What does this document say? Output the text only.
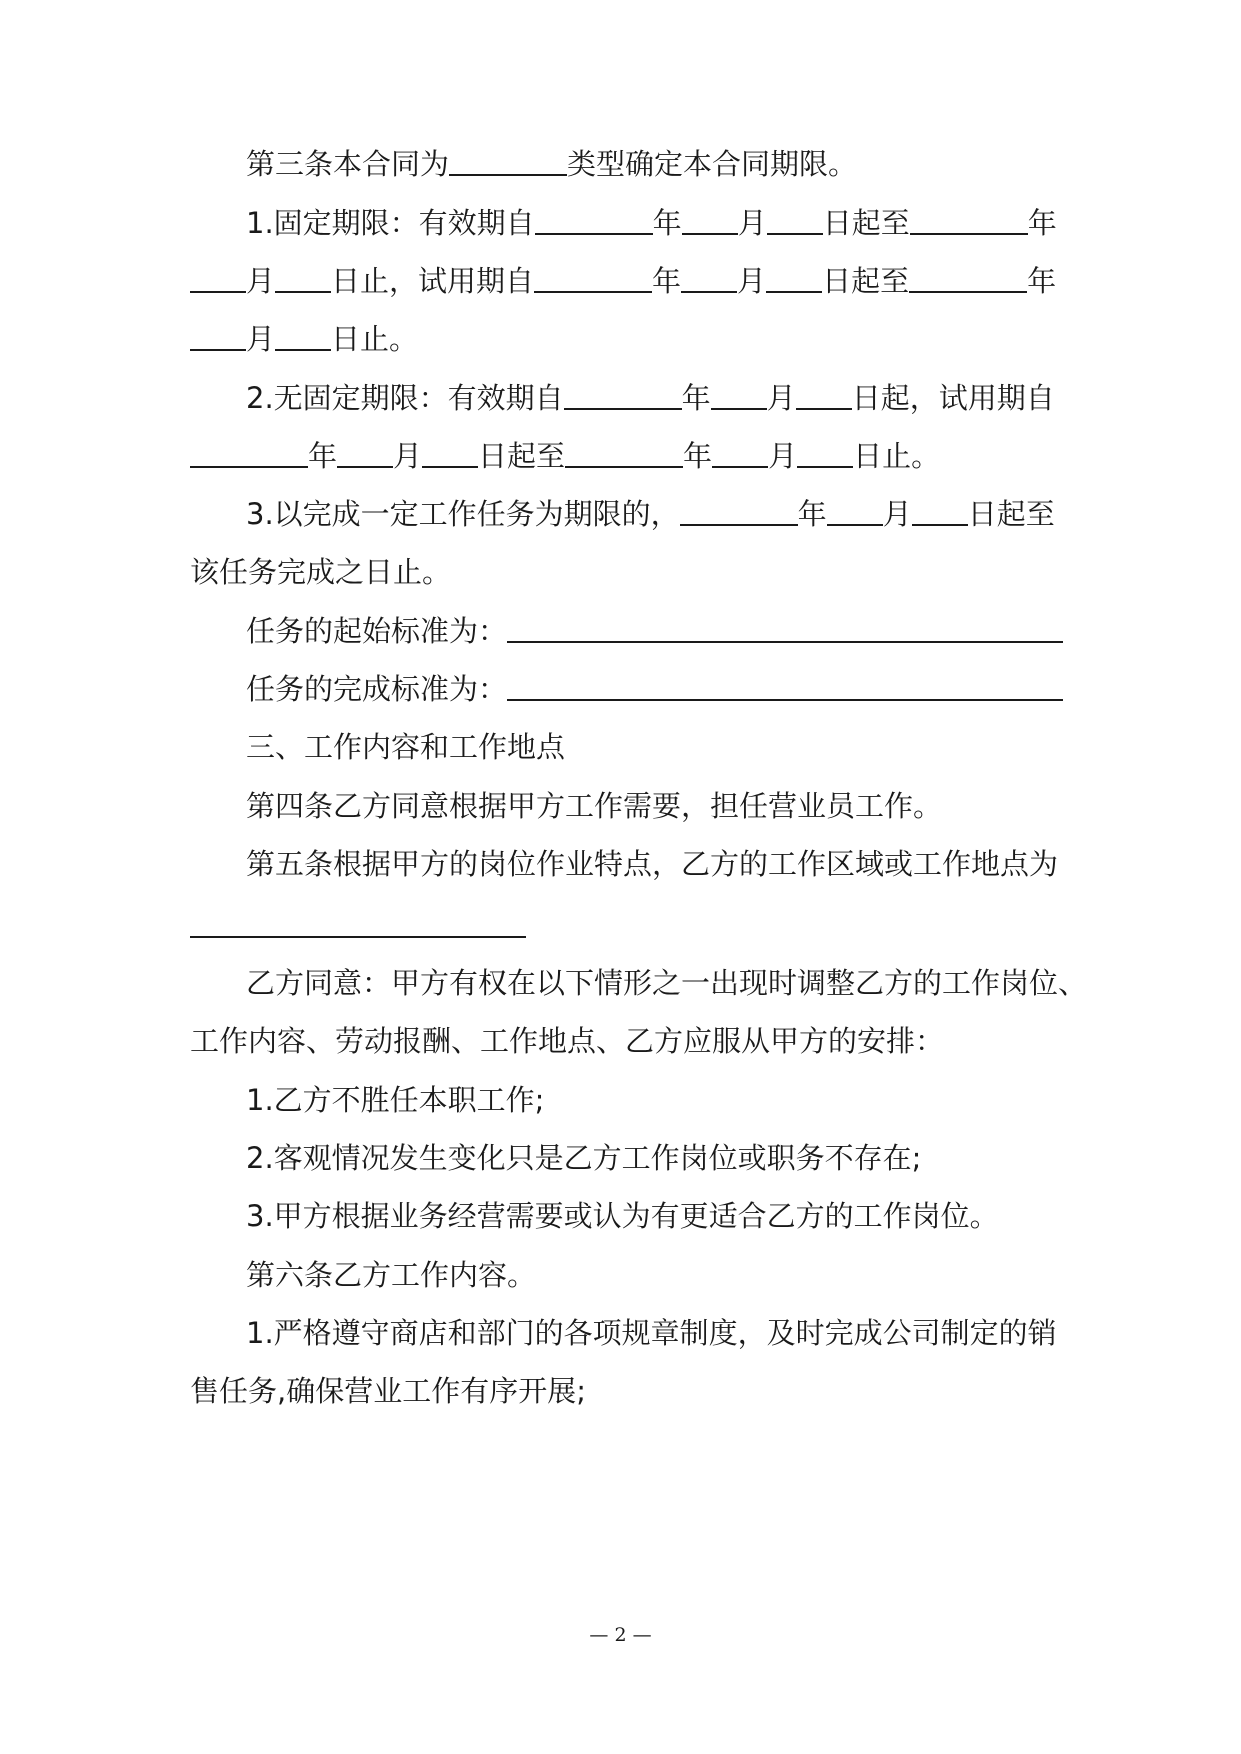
第三条本合同为	类型确定本合同期限。
1.固定期限：有效期自	年 月 日起至	年
月 日止，试用期自	年 月 日起至	年
月 日止。
2.无固定期限：有效期自	年 月 日起，试用期自
年 月 日起至	年 月 日止。
3.以完成一定工作任务为期限的，	年 月 日起至
该任务完成之日止。
任务的起始标准为：
任务的完成标准为：
三、工作内容和工作地点
第四条乙方同意根据甲方工作需要，担任营业员工作。
第五条根据甲方的岗位作业特点，乙方的工作区域或工作地点为
乙方同意：甲方有权在以下情形之一出现时调整乙方的工作岗位、
工作内容、劳动报酬、工作地点、乙方应服从甲方的安排：
1.乙方不胜任本职工作;
2.客观情况发生变化只是乙方工作岗位或职务不存在;
3.甲方根据业务经营需要或认为有更适合乙方的工作岗位。
第六条乙方工作内容。
1.严格遵守商店和部门的各项规章制度，及时完成公司制定的销
售任务,确保营业工作有序开展;
— 2 —
